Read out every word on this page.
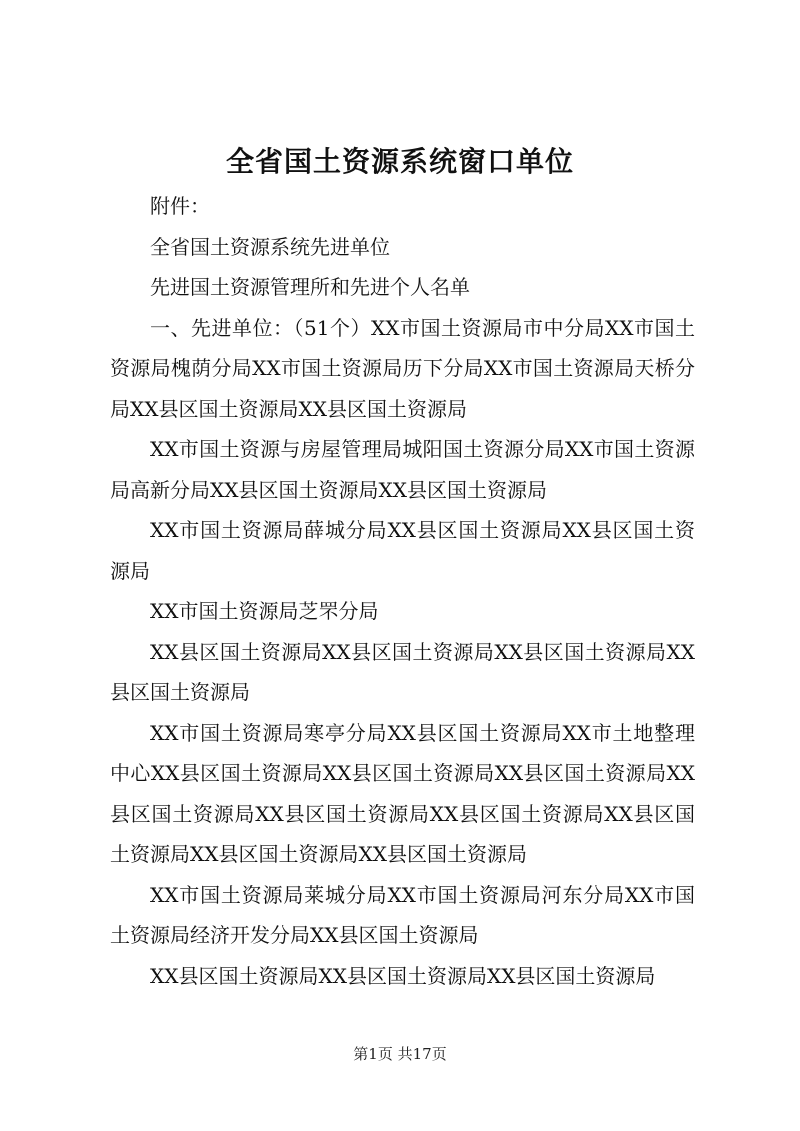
全省国土资源系统窗口单位

附件：

全省国土资源系统先进单位

先进国土资源管理所和先进个人名单

一、先进单位：（51个）XX市国土资源局市中分局XX市国土资源局槐荫分局XX市国土资源局历下分局XX市国土资源局天桥分局XX县区国土资源局XX县区国土资源局

XX市国土资源与房屋管理局城阳国土资源分局XX市国土资源局高新分局XX县区国土资源局XX县区国土资源局

XX市国土资源局薛城分局XX县区国土资源局XX县区国土资源局

XX市国土资源局芝罘分局

XX县区国土资源局XX县区国土资源局XX县区国土资源局XX县区国土资源局

XX市国土资源局寒亭分局XX县区国土资源局XX市土地整理中心XX县区国土资源局XX县区国土资源局XX县区国土资源局XX县区国土资源局XX县区国土资源局XX县区国土资源局XX县区国土资源局XX县区国土资源局XX县区国土资源局

XX市国土资源局莱城分局XX市国土资源局河东分局XX市国土资源局经济开发分局XX县区国土资源局

XX县区国土资源局XX县区国土资源局XX县区国土资源局

第1页 共17页
